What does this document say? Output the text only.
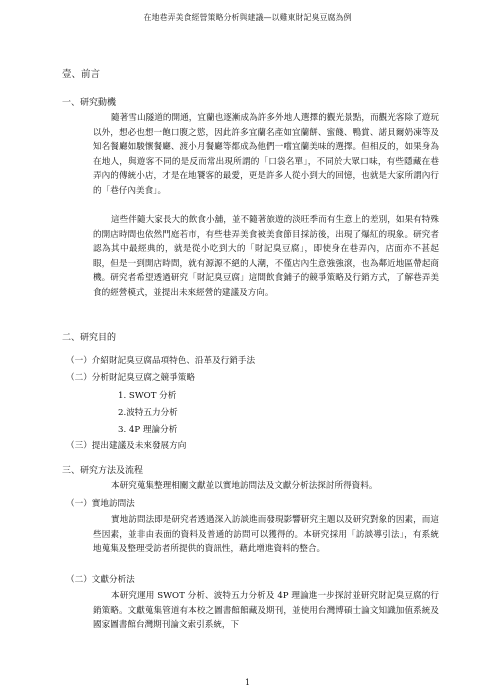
在地巷弄美食經營策略分析與建議—以雞東財記臭豆腐為例
壹、前言
一、研究動機

隨著雪山隧道的開通，宜蘭也逐漸成為許多外地人選擇的觀光景點，而觀光客除了遊玩以外，想必也想一飽口腹之慾，因此許多宜蘭名產如宜蘭餅、蜜餞、鴨賞、諾貝爾奶凍等及知名餐廳如駿懷餐廳、渡小月餐廳等都成為他們一嚐宜蘭美味的選擇。但相反的，如果身為在地人，與遊客不同的是反而常出現所謂的「口袋名單」，不同於大眾口味，有些隱藏在巷弄內的傳統小店，才是在地饕客的最愛，更是許多人從小到大的回憶，也就是大家所謂內行的「巷仔內美食」。

這些伴隨大家長大的飲食小舖，並不隨著旅遊的淡旺季而有生意上的差別，如果有特殊的開店時間也依然門庭若市，有些巷弄美食被美食節目採訪後，出現了爆紅的現象。研究者認為其中最經典的，就是從小吃到大的「財記臭豆腐」，即使身在巷弄內，店面亦不甚起眼，但是一到開店時間，就有源源不絕的人潮，不僅店內生意強強滾，也為鄰近地區帶起商機。研究者希望透過研究「財記臭豆腐」這間飲食鋪子的競爭策略及行銷方式，了解巷弄美食的經營模式，並提出未來經營的建議及方向。

二、研究目的
（一）介紹財記臭豆腐品項特色、沿革及行銷手法
（二）分析財記臭豆腐之競爭策略
1. SWOT 分析
2.波特五力分析
3. 4P 理論分析
（三）提出建議及未來發展方向
三、研究方法及流程

本研究蒐集整理相關文獻並以實地訪問法及文獻分析法探討所得資料。

（一）實地訪問法

實地訪問法即是研究者透過深入訪談進而發現影響研究主題以及研究對象的因素，而這些因素，並非由表面的資料及普通的訪問可以獲得的。本研究採用「訪談導引法」，有系統地蒐集及整理受訪者所提供的資訊性，藉此增進資料的整合。

（二）文獻分析法

本研究運用 SWOT 分析、波特五力分析及 4P 理論進一步探討並研究財記臭豆腐的行銷策略。文獻蒐集管道有本校之圖書館館藏及期刊，並使用台灣博碩士論文知識加值系統及國家圖書館台灣期刊論文索引系統，下

1
